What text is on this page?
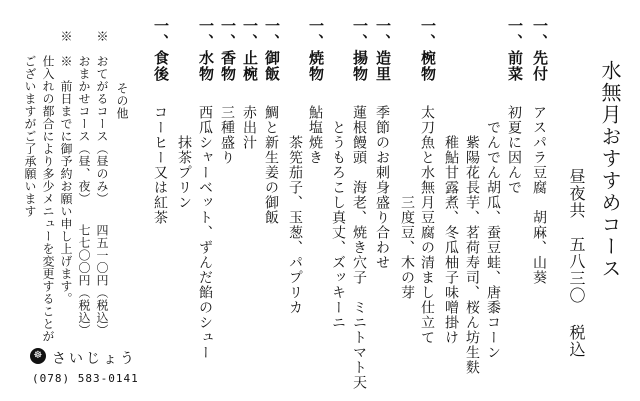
水無月おすすめコース
昼夜共　五八三〇 税込
一、先付
アスパラ豆腐　胡麻、山葵
一、前菜
初夏に因んで
　でんでん胡瓜、蚕豆蛙、唐黍コーン
　　紫陽花長芋、茗荷寿司、桜ん坊生麩
　　稚鮎甘露煮、冬瓜柚子味噌掛け
一、椀物
太刀魚と水無月豆腐の清まし仕立て
　　　　　　三度豆、木の芽
一、造里
季節のお刺身盛り合わせ
一、揚物
蓮根饅頭　海老、焼き穴子　ミニトマト天
　とうもろこし真丈、ズッキーニ
一、焼物
鮎塩焼き
　　茶筅茄子、玉葱、パプリカ
一、御飯
鯛と新生姜の御飯
一、止椀
赤出汁
一、香物
三種盛り
一、水物
西瓜シャーベット、ずんだ餡のシュー
　　抹茶プリン
一、食後
コーヒー又は紅茶
その他
※　おてがるコース（昼のみ）　　四五一〇円（税込）
　　おまかせコース（昼、夜）　　七七〇〇円（税込）
※　※　前日までに御予約お願い申し上げます。
　　仕入れの都合により多少メニューを変更することが
　　ございますがご了承願います
☸ さいじょう
(078) 583-0141
